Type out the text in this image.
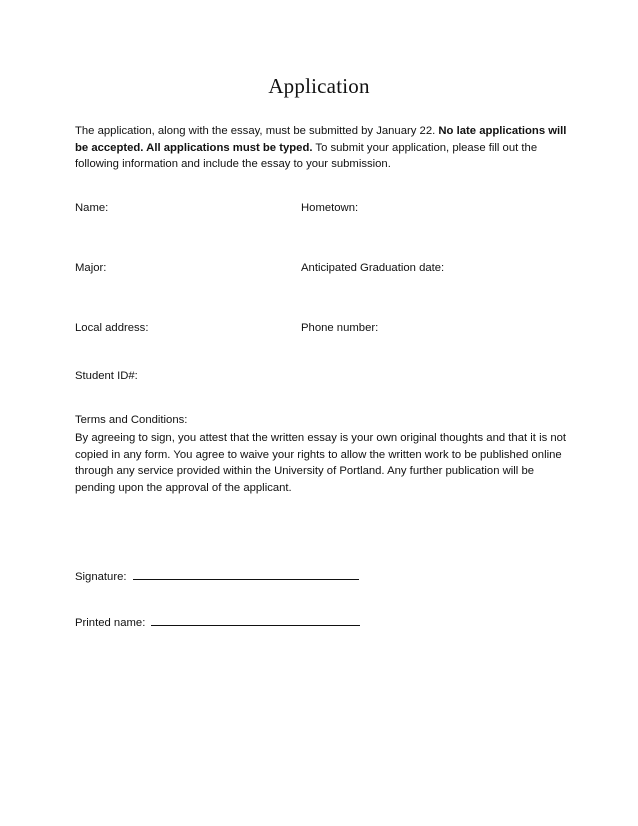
Application
The application, along with the essay, must be submitted by January 22. No late applications will be accepted. All applications must be typed. To submit your application, please fill out the following information and include the essay to your submission.
Name:	Hometown:
Major:	Anticipated Graduation date:
Local address:	Phone number:
Student ID#:
Terms and Conditions:
By agreeing to sign, you attest that the written essay is your own original thoughts and that it is not copied in any form. You agree to waive your rights to allow the written work to be published online through any service provided within the University of Portland. Any further publication will be pending upon the approval of the applicant.
Signature:
Printed name:
